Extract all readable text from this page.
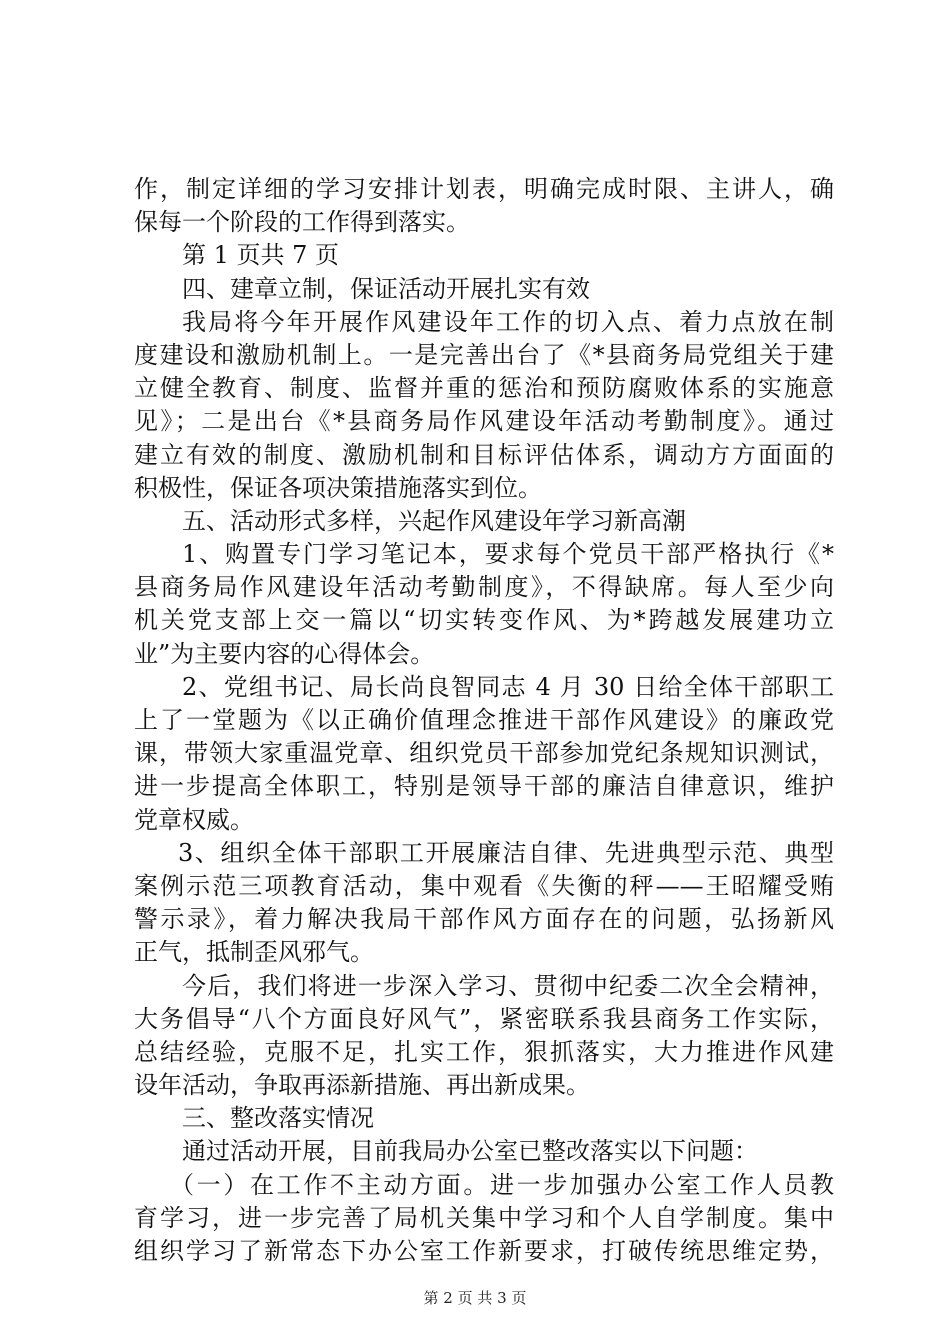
作，制定详细的学习安排计划表，明确完成时限、主讲人，确
保每一个阶段的工作得到落实。
第 1 页共 7 页
四、建章立制，保证活动开展扎实有效
我局将今年开展作风建设年工作的切入点、着力点放在制
度建设和激励机制上。一是完善出台了《*县商务局党组关于建
立健全教育、制度、监督并重的惩治和预防腐败体系的实施意
见》；二是出台《*县商务局作风建设年活动考勤制度》。通过
建立有效的制度、激励机制和目标评估体系，调动方方面面的
积极性，保证各项决策措施落实到位。
五、活动形式多样，兴起作风建设年学习新高潮
1、购置专门学习笔记本，要求每个党员干部严格执行《*
县商务局作风建设年活动考勤制度》，不得缺席。每人至少向
机关党支部上交一篇以“切实转变作风、为*跨越发展建功立
业”为主要内容的心得体会。
2、党组书记、局长尚良智同志 4 月 30 日给全体干部职工
上了一堂题为《以正确价值理念推进干部作风建设》的廉政党
课，带领大家重温党章、组织党员干部参加党纪条规知识测试，
进一步提高全体职工，特别是领导干部的廉洁自律意识，维护
党章权威。
3、组织全体干部职工开展廉洁自律、先进典型示范、典型
案例示范三项教育活动，集中观看《失衡的秤——王昭耀受贿
警示录》，着力解决我局干部作风方面存在的问题，弘扬新风
正气，抵制歪风邪气。
今后，我们将进一步深入学习、贯彻中纪委二次全会精神，
大务倡导“八个方面良好风气”，紧密联系我县商务工作实际，
总结经验，克服不足，扎实工作，狠抓落实，大力推进作风建
设年活动，争取再添新措施、再出新成果。
三、整改落实情况
通过活动开展，目前我局办公室已整改落实以下问题：
（一）在工作不主动方面。进一步加强办公室工作人员教
育学习，进一步完善了局机关集中学习和个人自学制度。集中
组织学习了新常态下办公室工作新要求，打破传统思维定势，
第 2 页 共 3 页
